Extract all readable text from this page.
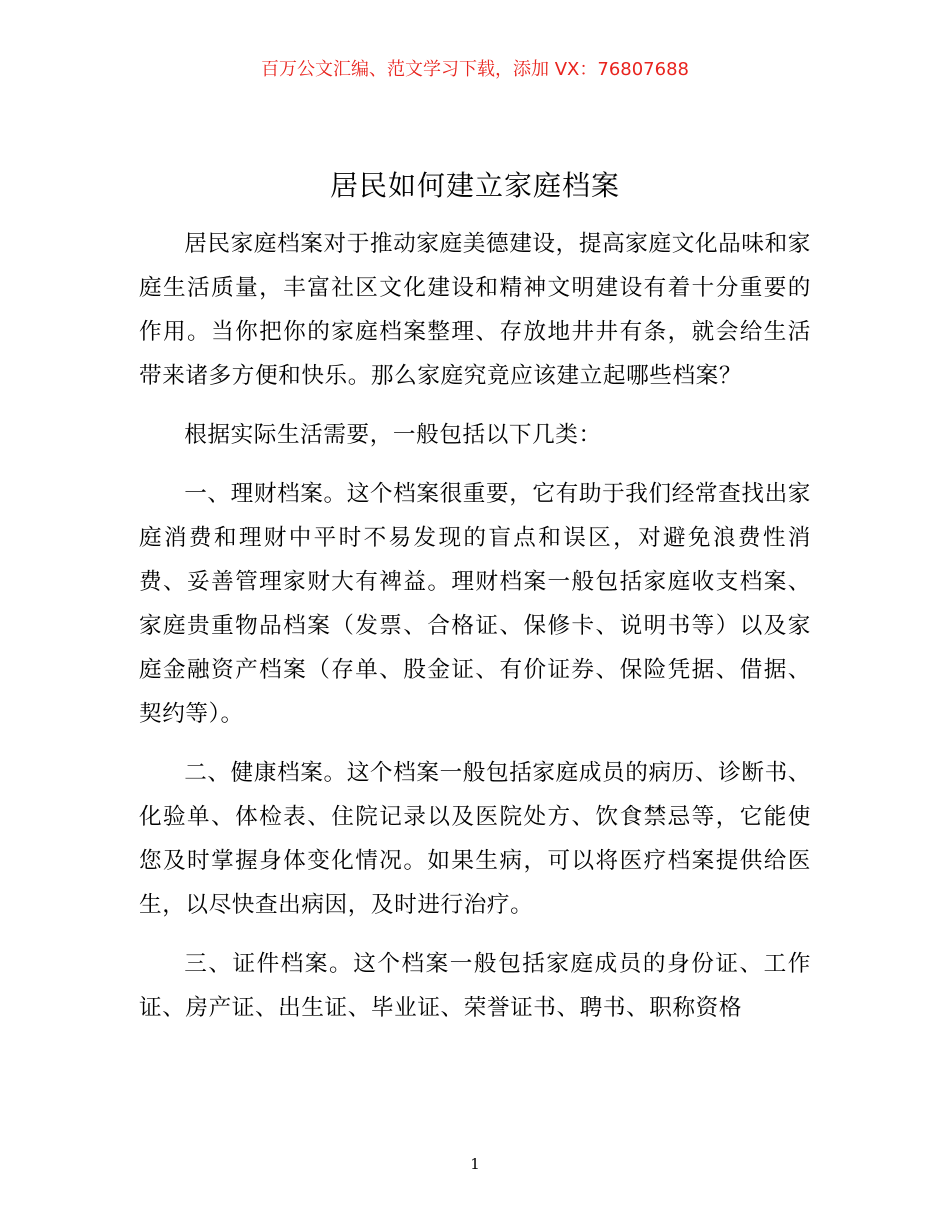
百万公文汇编、范文学习下载，添加 VX：76807688
居民如何建立家庭档案

居民家庭档案对于推动家庭美德建设，提高家庭文化品味和家庭生活质量，丰富社区文化建设和精神文明建设有着十分重要的作用。当你把你的家庭档案整理、存放地井井有条，就会给生活带来诸多方便和快乐。那么家庭究竟应该建立起哪些档案？

根据实际生活需要，一般包括以下几类：

一、理财档案。这个档案很重要，它有助于我们经常查找出家庭消费和理财中平时不易发现的盲点和误区，对避免浪费性消费、妥善管理家财大有裨益。理财档案一般包括家庭收支档案、家庭贵重物品档案（发票、合格证、保修卡、说明书等）以及家庭金融资产档案（存单、股金证、有价证券、保险凭据、借据、契约等）。

二、健康档案。这个档案一般包括家庭成员的病历、诊断书、化验单、体检表、住院记录以及医院处方、饮食禁忌等，它能使您及时掌握身体变化情况。如果生病，可以将医疗档案提供给医生，以尽快查出病因，及时进行治疗。

三、证件档案。这个档案一般包括家庭成员的身份证、工作证、房产证、出生证、毕业证、荣誉证书、聘书、职称资格

1
